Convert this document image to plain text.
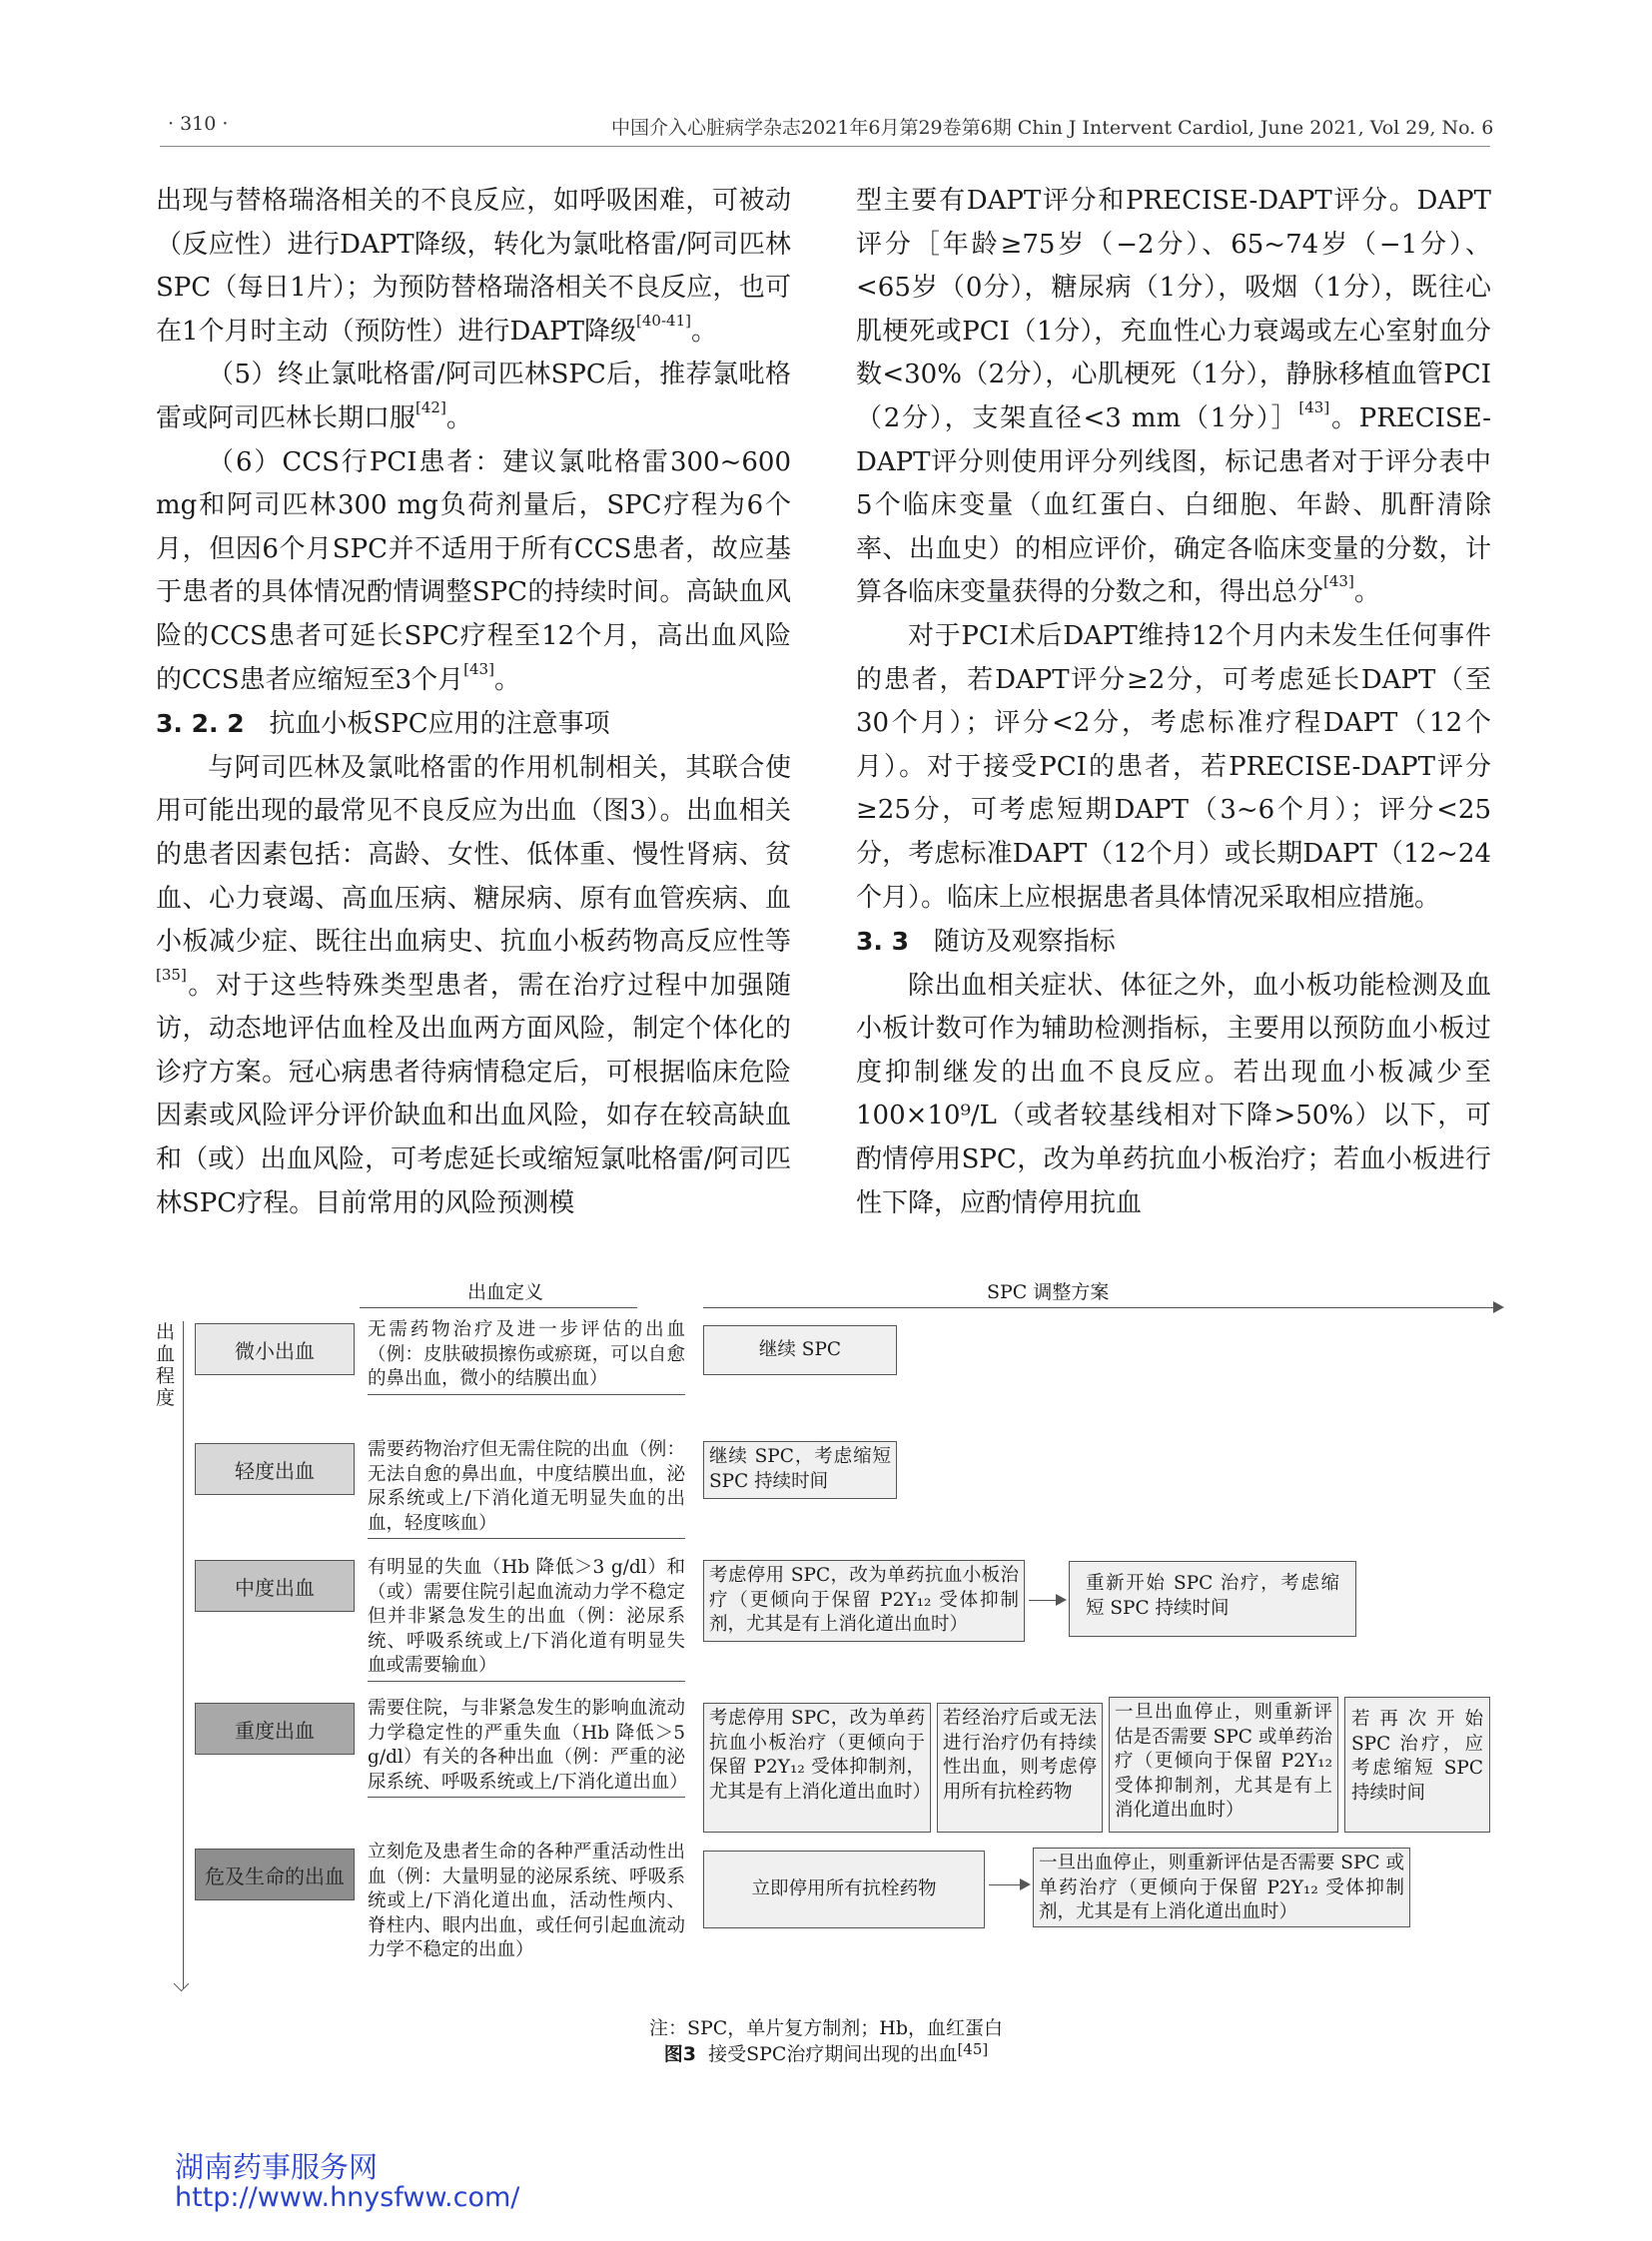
· 310 ·	中国介入心脏病学杂志2021年6月第29卷第6期 Chin J Intervent Cardiol, June 2021, Vol 29, No. 6

出现与替格瑞洛相关的不良反应，如呼吸困难，可被动（反应性）进行DAPT降级，转化为氯吡格雷/阿司匹林SPC（每日1片）；为预防替格瑞洛相关不良反应，也可在1个月时主动（预防性）进行DAPT降级[40-41]。

（5）终止氯吡格雷/阿司匹林SPC后，推荐氯吡格雷或阿司匹林长期口服[42]。

（6）CCS行PCI患者：建议氯吡格雷300~600 mg和阿司匹林300 mg负荷剂量后，SPC疗程为6个月，但因6个月SPC并不适用于所有CCS患者，故应基于患者的具体情况酌情调整SPC的持续时间。高缺血风险的CCS患者可延长SPC疗程至12个月，高出血风险的CCS患者应缩短至3个月[43]。

3. 2. 2 抗血小板SPC应用的注意事项

与阿司匹林及氯吡格雷的作用机制相关，其联合使用可能出现的最常见不良反应为出血（图3）。出血相关的患者因素包括：高龄、女性、低体重、慢性肾病、贫血、心力衰竭、高血压病、糖尿病、原有血管疾病、血小板减少症、既往出血病史、抗血小板药物高反应性等[35]。对于这些特殊类型患者，需在治疗过程中加强随访，动态地评估血栓及出血两方面风险，制定个体化的诊疗方案。冠心病患者待病情稳定后，可根据临床危险因素或风险评分评价缺血和出血风险，如存在较高缺血和（或）出血风险，可考虑延长或缩短氯吡格雷/阿司匹林SPC疗程。目前常用的风险预测模

型主要有DAPT评分和PRECISE-DAPT评分。DAPT评分［年龄≥75岁（−2分）、65~74岁（−1分）、<65岁（0分），糖尿病（1分），吸烟（1分），既往心肌梗死或PCI（1分），充血性心力衰竭或左心室射血分数<30%（2分），心肌梗死（1分），静脉移植血管PCI（2分），支架直径<3 mm（1分）］[43]。PRECISE-DAPT评分则使用评分列线图，标记患者对于评分表中5个临床变量（血红蛋白、白细胞、年龄、肌酐清除率、出血史）的相应评价，确定各临床变量的分数，计算各临床变量获得的分数之和，得出总分[43]。

对于PCI术后DAPT维持12个月内未发生任何事件的患者，若DAPT评分≥2分，可考虑延长DAPT（至30个月）；评分<2分，考虑标准疗程DAPT（12个月）。对于接受PCI的患者，若PRECISE-DAPT评分≥25分，可考虑短期DAPT（3~6个月）；评分<25分，考虑标准DAPT（12个月）或长期DAPT（12~24个月）。临床上应根据患者具体情况采取相应措施。

3. 3 随访及观察指标

除出血相关症状、体征之外，血小板功能检测及血小板计数可作为辅助检测指标，主要用以预防血小板过度抑制继发的出血不良反应。若出现血小板减少至100×10⁹/L（或者较基线相对下降>50%）以下，可酌情停用SPC，改为单药抗血小板治疗；若血小板进行性下降，应酌情停用抗血

出血定义	SPC 调整方案
出血程度
微小出血
无需药物治疗及进一步评估的出血（例：皮肤破损擦伤或瘀斑，可以自愈的鼻出血，微小的结膜出血）
继续 SPC
轻度出血
需要药物治疗但无需住院的出血（例：无法自愈的鼻出血，中度结膜出血，泌尿系统或上/下消化道无明显失血的出血，轻度咳血）
继续 SPC，考虑缩短 SPC 持续时间
中度出血
有明显的失血（Hb 降低＞3 g/dl）和（或）需要住院引起血流动力学不稳定但并非紧急发生的出血（例：泌尿系统、呼吸系统或上/下消化道有明显失血或需要输血）
考虑停用 SPC，改为单药抗血小板治疗（更倾向于保留 P2Y₁₂ 受体抑制剂，尤其是有上消化道出血时）
重新开始 SPC 治疗，考虑缩短 SPC 持续时间
重度出血
需要住院，与非紧急发生的影响血流动力学稳定性的严重失血（Hb 降低＞5 g/dl）有关的各种出血（例：严重的泌尿系统、呼吸系统或上/下消化道出血）
考虑停用 SPC，改为单药抗血小板治疗（更倾向于保留 P2Y₁₂ 受体抑制剂，尤其是有上消化道出血时）
若经治疗后或无法进行治疗仍有持续性出血，则考虑停用所有抗栓药物
一旦出血停止，则重新评估是否需要 SPC 或单药治疗（更倾向于保留 P2Y₁₂ 受体抑制剂，尤其是有上消化道出血时）
若再次开始 SPC 治疗，应考虑缩短 SPC 持续时间
危及生命的出血
立刻危及患者生命的各种严重活动性出血（例：大量明显的泌尿系统、呼吸系统或上/下消化道出血，活动性颅内、脊柱内、眼内出血，或任何引起血流动力学不稳定的出血）
立即停用所有抗栓药物
一旦出血停止，则重新评估是否需要 SPC 或单药治疗（更倾向于保留 P2Y₁₂ 受体抑制剂，尤其是有上消化道出血时）
注：SPC，单片复方制剂；Hb，血红蛋白
图3 接受SPC治疗期间出现的出血[45]
湖南药事服务网
http://www.hnysfww.com/
